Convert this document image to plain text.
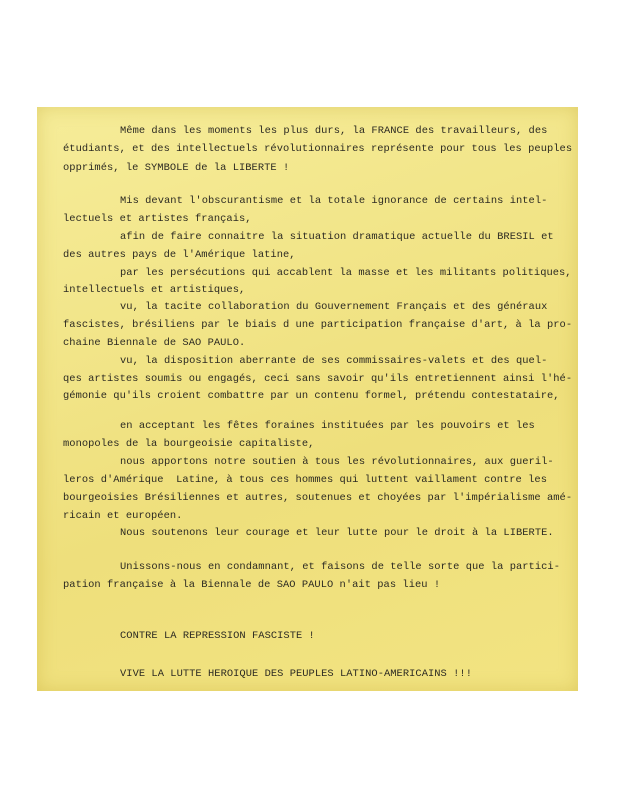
Même dans les moments les plus durs, la FRANCE des travailleurs, des

étudiants, et des intellectuels révolutionnaires représente pour tous les peuples

opprimés, le SYMBOLE de la LIBERTE !

Mis devant l'obscurantisme et la totale ignorance de certains intel-

lectuels et artistes français,

afin de faire connaitre la situation dramatique actuelle du BRESIL et

des autres pays de l'Amérique latine,

par les persécutions qui accablent la masse et les militants politiques,

intellectuels et artistiques,

vu, la tacite collaboration du Gouvernement Français et des généraux

fascistes, brésiliens par le biais d une participation française d'art, à la pro-

chaine Biennale de SAO PAULO.

vu, la disposition aberrante de ses commissaires-valets et des quel-

qes artistes soumis ou engagés, ceci sans savoir qu'ils entretiennent ainsi l'hé-

gémonie qu'ils croient combattre par un contenu formel, prétendu contestataire,

en acceptant les fêtes foraines instituées par les pouvoirs et les

monopoles de la bourgeoisie capitaliste,

nous apportons notre soutien à tous les révolutionnaires, aux gueril-

leros d'Amérique  Latine, à tous ces hommes qui luttent vaillament contre les

bourgeoisies Brésiliennes et autres, soutenues et choyées par l'impérialisme amé-

ricain et européen.

Nous soutenons leur courage et leur lutte pour le droit à la LIBERTE.

Unissons-nous en condamnant, et faisons de telle sorte que la partici-

pation française à la Biennale de SAO PAULO n'ait pas lieu !

CONTRE LA REPRESSION FASCISTE !

VIVE LA LUTTE HEROIQUE DES PEUPLES LATINO-AMERICAINS !!!
